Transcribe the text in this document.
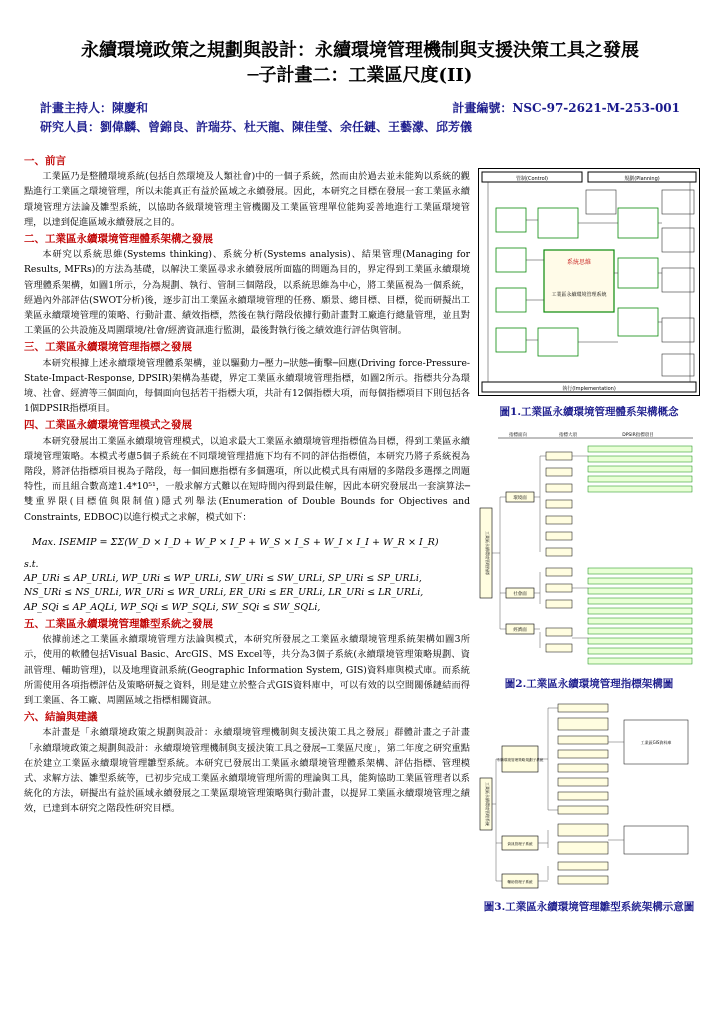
永續環境政策之規劃與設計：永續環境管理機制與支援決策工具之發展
─子計畫二：工業區尺度(II)
計畫主持人：陳慶和	計畫編號：NSC-97-2621-M-253-001
研究人員：劉偉麟、曾錦良、許瑞芬、杜天龍、陳佳瑩、余任鏈、王藝濛、邱芳儀
一、前言

工業區乃是整體環境系統(包括自然環境及人類社會)中的一個子系統，然而由於過去並未能夠以系統的觀點進行工業區之環境管理，所以未能真正有益於區域之永續發展。因此，本研究之目標在發展一套工業區永續環境管理方法論及雛型系統，以協助各級環境管理主管機關及工業區管理單位能夠妥善地進行工業區環境管理，以達到促進區域永續發展之目的。

二、工業區永續環境管理體系架構之發展

本研究以系統思維(Systems thinking)、系統分析(Systems analysis)、結果管理(Managing for Results, MFRs)的方法為基礎，以解決工業區尋求永續發展所面臨的問題為目的，界定得到工業區永續環境管理體系架構，如圖1所示，分為規劃、執行、管制三個階段，以系統思維為中心，將工業區視為一個系統，經過內外部評估(SWOT分析)後，逐步訂出工業區永續環境管理的任務、願景、總目標、目標，從而研擬出工業區永續環境管理的策略、行動計畫、績效指標，然後在執行階段依據行動計畫對工廠進行總量管理，並且對工業區的公共設施及周圍環境/社會/經濟資訊進行監測，最後對執行後之績效進行評估與管制。

三、工業區永續環境管理指標之發展

本研究根據上述永續環境管理體系架構，並以驅動力─壓力─狀態─衝擊─回應(Driving force-Pressure-State-Impact-Response, DPSIR)架構為基礎，界定工業區永續環境管理指標，如圖2所示。指標共分為環境、社會、經濟等三個面向，每個面向包括若干指標大項，共計有12個指標大項，而每個指標項目下則包括各1個DPSIR指標項目。

四、工業區永續環境管理模式之發展

本研究發展出工業區永續環境管理模式，以追求最大工業區永續環境管理指標值為目標，得到工業區永續環境管理策略。本模式考慮5個子系統在不同環境管理措施下均有不同的評估指標值，本研究乃將子系統視為階段，將評估指標項目視為子階段，每一個回應指標有多個選項，所以此模式具有兩層的多階段多選擇之問題特性，而且組合數高達1.4*10⁵¹，一般求解方式難以在短時間內得到最佳解，因此本研究發展出一套演算法─雙重界限(目標值與限制值)隱式列舉法(Enumeration of Double Bounds for Objectives and Constraints, EDBOC)以進行模式之求解，模式如下：

Max. ISEMIP = ΣΣ(W_D × I_D + W_P × I_P + W_S × I_S + W_I × I_I + W_R × I_R)
s.t.
AP_URi ≤ AP_URLi, WP_URi ≤ WP_URLi, SW_URi ≤ SW_URLi, SP_URi ≤ SP_URLi,
NS_URi ≤ NS_URLi, WR_URi ≤ WR_URLi, ER_URi ≤ ER_URLi, LR_URi ≤ LR_URLi,
AP_SQi ≤ AP_AQLi, WP_SQi ≤ WP_SQLi, SW_SQi ≤ SW_SQLi,
五、工業區永續環境管理雛型系統之發展

依據前述之工業區永續環境管理方法論與模式，本研究所發展之工業區永續環境管理系統架構如圖3所示，使用的軟體包括Visual Basic、ArcGIS、MS Excel等，共分為3個子系統(永續環境管理策略規劃、資訊管理、輔助管理)，以及地理資訊系統(Geographic Information System, GIS)資料庫與模式庫。而系統所需使用各項指標評估及策略研擬之資料，則是建立於整合式GIS資料庫中，可以有效的以空間關係鏈結而得到工業區、各工廠、周圍區域之指標相關資訊。

六、結論與建議

本計畫是「永續環境政策之規劃與設計：永續環境管理機制與支援決策工具之發展」群體計畫之子計畫「永續環境政策之規劃與設計：永續環境管理機制與支援決策工具之發展─工業區尺度」，第二年度之研究重點在於建立工業區永續環境管理雛型系統。本研究已發展出工業區永續環境管理體系架構、評估指標、管理模式、求解方法、雛型系統等，已初步完成工業區永續環境管理所需的理論與工具，能夠協助工業區管理者以系統化的方法，研擬出有益於區域永續發展之工業區環境管理策略與行動計畫，以提昇工業區永續環境管理之績效，已達到本研究之階段性研究目標。

管制(Control)	規劃(Planning)
執行(Implementation)
系統思維
工業區永續環境管理系統
圖1.工業區永續環境管理體系架構概念
指標面向	指標大項	DPSIR指標項目
工業區永續環境管理指標
環境面
社會面
經濟面
圖2.工業區永續環境管理指標架構圖
工業區永續環境管理系統
永續環境管理策略規劃子系統
資訊管理子系統
輔助管理子系統
工業區GIS資料庫
圖3.工業區永續環境管理雛型系統架構示意圖
